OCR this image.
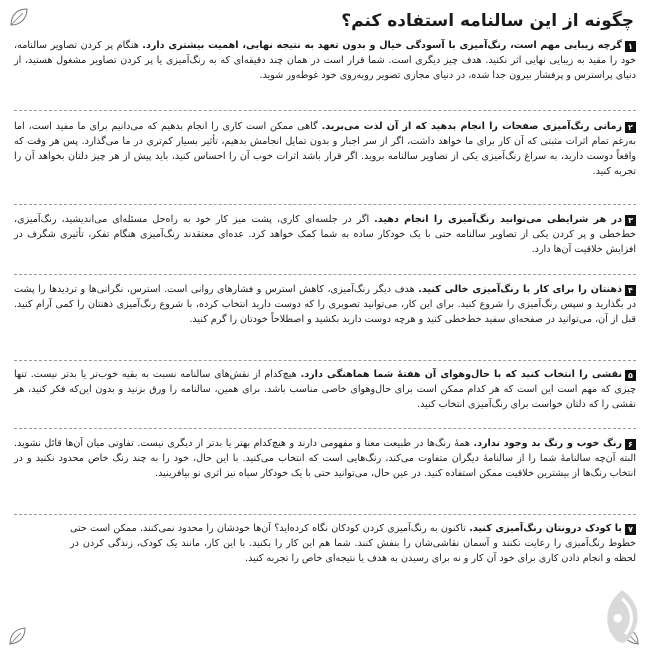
چگونه از این سالنامه استفاده کنم؟
۱گرچه زیبایی مهم است، رنگ‌آمیزی با آسودگی خیال و بدون تعهد به نتیجه نهایی، اهمیت بیشتری دارد. هنگام پر کردن تصاویر سالنامه، خود را مقید به زیبایی نهایی اثر نکنید. هدف چیز دیگری است. شما قرار است در همان چند دقیقه‌ای که به رنگ‌آمیزی یا پر کردن تصاویر مشغول هستید، از دنیای پراسترس و پرفشار بیرون جدا شده، در دنیای مجازی تصویر روبه‌روی خود غوطه‌ور شوید.
۲زمانی رنگ‌آمیزی صفحات را انجام بدهید که از آن لذت می‌برید. گاهی ممکن است کاری را انجام بدهیم که می‌دانیم برای ما مفید است، اما به‌رغم تمام اثرات مثبتی که آن کار برای ما خواهد داشت، اگر از سر اجبار و بدون تمایل انجامش بدهیم، تأثیر بسیار کم‌تری در ما می‌گذارد. پس هر وقت که واقعاً دوست دارید، به سراغ رنگ‌آمیزی یکی از تصاویر سالنامه بروید. اگر قرار باشد اثرات خوب آن را احساس کنید، باید پیش از هر چیز دلتان بخواهد آن را تجربه کنید.
۳در هر شرایطی می‌توانید رنگ‌آمیزی را انجام دهید. اگر در جلسه‌ای کاری، پشت میز کار خود به راه‌حل مسئله‌ای می‌اندیشید، رنگ‌آمیزی، خط‌خطی و پر کردن یکی از تصاویر سالنامه حتی با یک خودکار ساده به شما کمک خواهد کرد. عده‌ای معتقدند رنگ‌آمیزی هنگام تفکر، تأثیری شگرف در افزایش خلاقیت آن‌ها دارد.
۴ذهنتان را برای کار با رنگ‌آمیزی خالی کنید. هدف دیگر رنگ‌آمیزی، کاهش استرس و فشارهای روانی است. استرس، نگرانی‌ها و تردیدها را پشت در بگذارید و سپس رنگ‌آمیزی را شروع کنید. برای این کار، می‌توانید تصویری را که دوست دارید انتخاب کرده، با شروع رنگ‌آمیزی ذهنتان را کمی آرام کنید. قبل از آن، می‌توانید در صفحه‌ای سفید خط‌خطی کنید و هرچه دوست دارید بکشید و اصطلاحاً خودتان را گرم کنید.
۵نقشی را انتخاب کنید که با حال‌وهوای آن هفتهٔ شما هماهنگی دارد. هیچ‌کدام از نقش‌های سالنامه نسبت به بقیه خوب‌تر یا بدتر نیست. تنها چیزی که مهم است این است که هر کدام ممکن است برای حال‌وهوای خاصی مناسب باشد. برای همین، سالنامه را ورق بزنید و بدون این‌که فکر کنید، هر نقشی را که دلتان خواست برای رنگ‌آمیزی انتخاب کنید.
۶رنگ خوب و رنگ بد وجود ندارد. همهٔ رنگ‌ها در طبیعت معنا و مفهومی دارند و هیچ‌کدام بهتر یا بدتر از دیگری نیست. تفاوتی میان آن‌ها قائل نشوید. البته آن‌چه سالنامهٔ شما را از سالنامهٔ دیگران متفاوت می‌کند، رنگ‌هایی است که انتخاب می‌کنید. با این حال، خود را به چند رنگ خاص محدود نکنید و در انتخاب رنگ‌ها از بیشترین خلاقیت ممکن استفاده کنید. در عین حال، می‌توانید حتی با یک خودکار سیاه نیز اثری نو بیافرینید.
۷با کودک درونتان رنگ‌آمیزی کنید. تاکنون به رنگ‌آمیزی کردن کودکان نگاه کرده‌اید؟ آن‌ها خودشان را محدود نمی‌کنند. ممکن است حتی خطوط رنگ‌آمیزی را رعایت نکنند و آسمان نقاشی‌شان را بنفش کنند. شما هم این کار را بکنید. با این کار، مانند یک کودک، زندگی کردن در لحظه و انجام دادن کاری برای خود آن کار و نه برای رسیدن به هدف یا نتیجه‌ای خاص را تجربه کنید.
